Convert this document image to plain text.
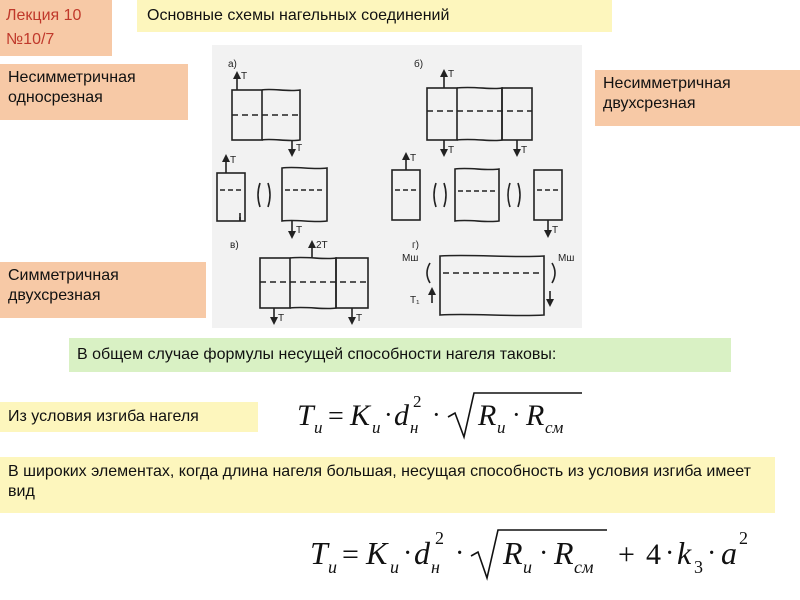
Лекция 10
№10/7
Основные схемы нагельных соединений
Несимметричная
односрезная
Несимметричная
двухсрезная
Симметричная
двухсрезная
а)	б)
в)	г)
Т
Т
Т
Т
Т
Т	Т
Т
Т
2Т
Т	Т
Мш	Мш
Т₁
В общем случае формулы несущей способности нагеля таковы:
Из условия изгиба нагеля	T и = K и · d н
2 · R и · R см
В широких элементах, когда длина нагеля большая, несущая способность из условия изгиба имеет вид
T и = K и · d н
2 · R и · R см + 4 · k 3 · a 2
